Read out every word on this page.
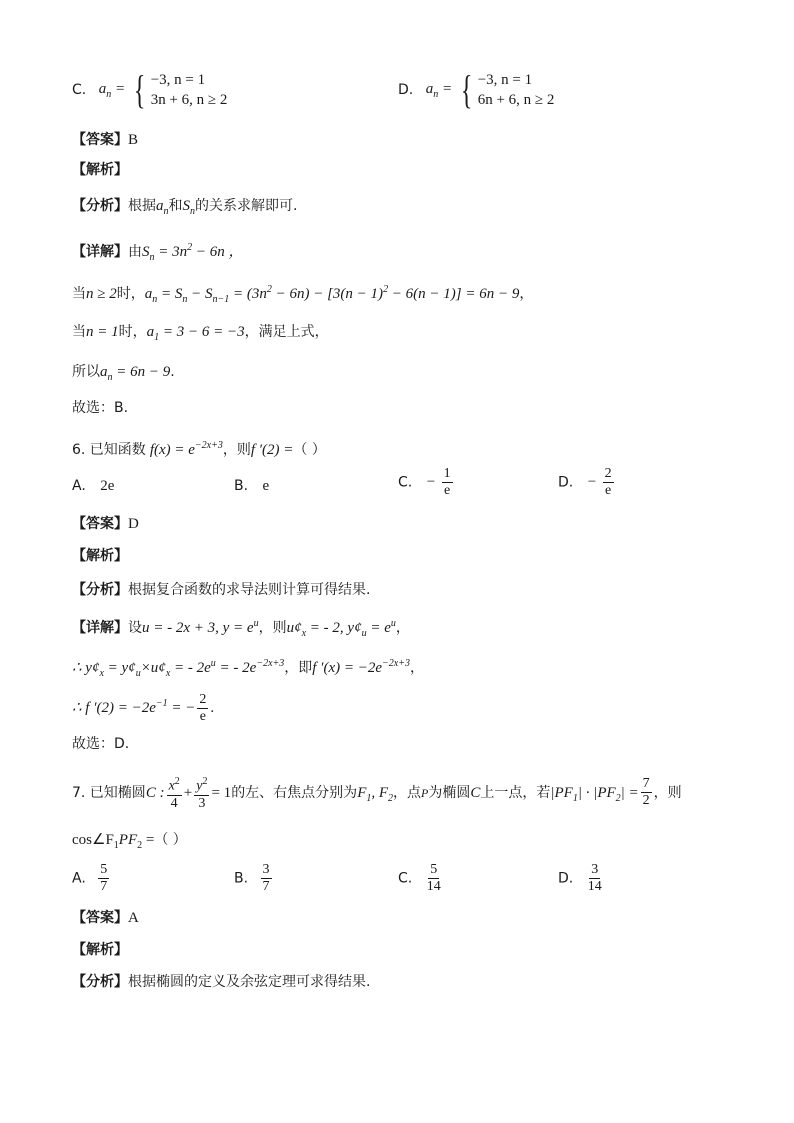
C. $a_n$ = { −3, n = 1
3n + 6, n ≥ 2
D. $a_n$ = { −3, n = 1
6n + 6, n ≥ 2
【答案】B
【解析】
【分析】根据$a_n$和$S_n$的关系求解即可.
【详解】由$S_n = 3n^2 - 6n$ ，
当n ≥ 2时，$a_n = S_n - S_{n-1} = (3n^2 - 6n) - [3(n - 1)^2 - 6(n - 1)] = 6n - 9$，
当n = 1时，$a_1 = 3 - 6 = -3$，满足上式，
所以$a_n = 6n - 9$.
故选：B.
6. 已知函数 $f(x) = e^{-2x+3}$，则f ′(2) =（ ）
A. 2e	B. e	C. − $\frac{1}{e}$	D. − $\frac{2}{e}$
【答案】D
【解析】
【分析】根据复合函数的求导法则计算可得结果.
【详解】设u = - 2x + 3, $y = e^u$，则$u¢_x$ = - 2, $y¢_u = e^u$，
∴ $y¢_x$ = $y¢_u\times u¢_x$ = - $2e^u$ = - $2e^{-2x+3}$，即f $'(x) = -2e^{-2x+3}$，
∴ f $'(2) = -2e^{-1}$ = − $\frac{2}{e}$ .
故选：D.
7. 已知椭圆C : $\frac{x^2}{4} + \frac{y^2}{3} = 1$的左、右焦点分别为$F_1$, $F_2$，点P为椭圆C上一点，若$|PF_1| \cdot |PF_2| = \frac{7}{2}$ ，则
$\cos\angle F_1PF_2$ =（ ）
A. $\frac{5}{7}$	B. $\frac{3}{7}$	C. $\frac{5}{14}$	D. $\frac{3}{14}$
【答案】A
【解析】
【分析】根据椭圆的定义及余弦定理可求得结果.
